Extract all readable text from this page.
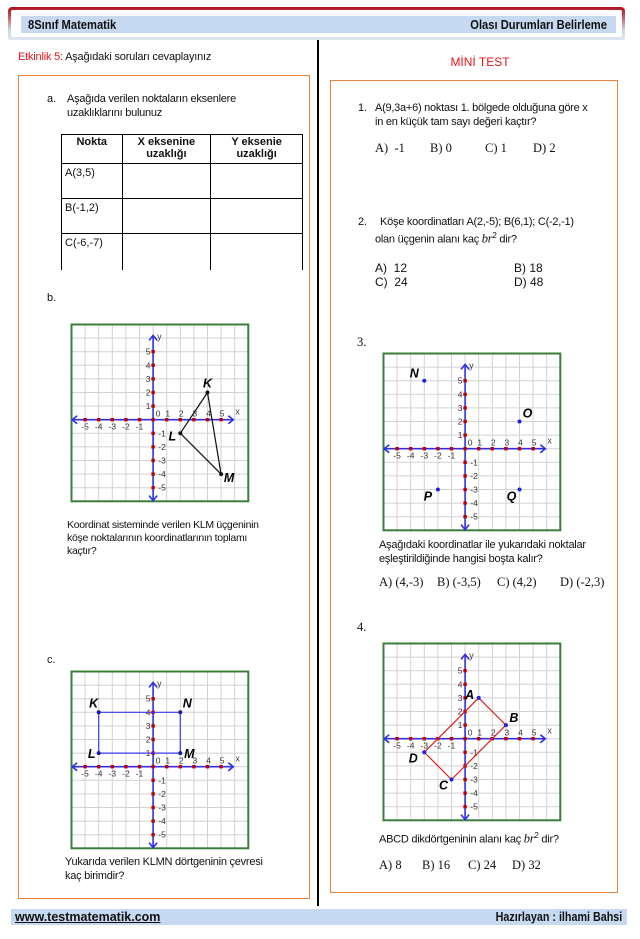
8Sınıf Matematik	Olası Durumları Belirleme
Etkinlik 5: Aşağıdaki soruları cevaplayınız	MİNİ TEST
a. Aşağıda verilen noktaların eksenlere
uzaklıklarını bulunuz
Nokta	X eksenine
uzaklığı

Y eksenie
uzaklığı

A(3,5)		
B(-1,2)		
C(-6,-7)		
b.
x
y
-5
-5
-4
-4
-3
-3
-2
-2
-1
-1
0 1
1
2
2
3
3
4
4
5
5
K
L
M
Koordinat sisteminde verilen KLM üçgeninin
köşe noktalarının koordinatlarının toplamı
kaçtır?
c.
x
y
-5
-5
-4
-4
-3
-3
-2
-2
-1
-1
0 1
1
2
2
3
3
4
4
5
5
K	N
M
L
Yukarıda verilen KLMN dörtgeninin çevresi
kaç birimdir?
1. A(9,3a+6) noktası 1. bölgede olduğuna göre x
in en küçük tam sayı değeri kaçtır?
A)  -1 B) 0	C) 1 D) 2
2. Köşe koordinatları A(2,-5); B(6,1); C(-2,-1)
olan üçgenin alanı kaç $br^2$ dir?
A)  12	B) 18
C)  24	D) 48
3.
x
y
-5
-5
-4
-4
-3
-3
-2
-2
-1
-1
0 1
1
2
2
3
3
4
4
5
5
N
O
P	Q
Aşağıdaki koordinatlar ile yukarıdaki noktalar
eşleştirildiğinde hangisi boşta kalır?
A) (4,-3) B) (-3,5) C) (4,2) D) (-2,3)
4.
x
y
-5
-5
-4
-4
-3
-3
-2
-2
-1
-1
0 1
1
2
2
3
3
4
4
5
5
A
B
C
D
ABCD dikdörtgeninin alanı kaç $br^2$ dir?
A) 8 B) 16 C) 24 D) 32
www.testmatematik.com	Hazırlayan : ilhami Bahsi
